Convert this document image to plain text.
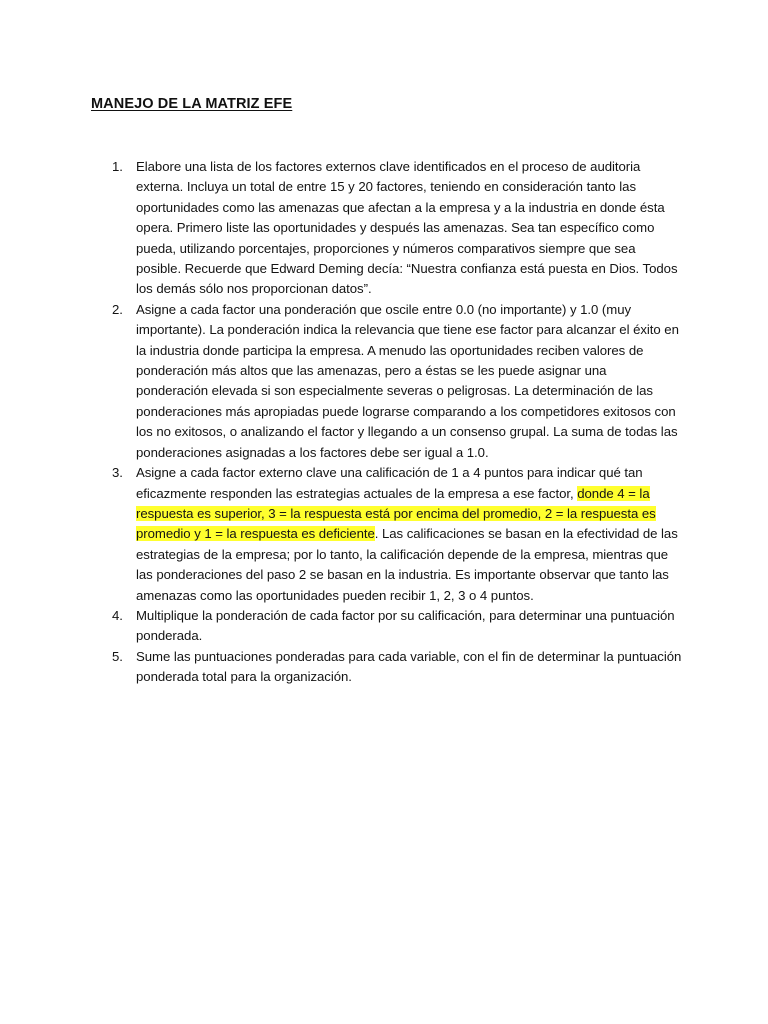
MANEJO DE LA MATRIZ EFE
1. Elabore una lista de los factores externos clave identificados en el proceso de auditoria externa. Incluya un total de entre 15 y 20 factores, teniendo en consideración tanto las oportunidades como las amenazas que afectan a la empresa y a la industria en donde ésta opera. Primero liste las oportunidades y después las amenazas. Sea tan específico como pueda, utilizando porcentajes, proporciones y números comparativos siempre que sea posible. Recuerde que Edward Deming decía: “Nuestra confianza está puesta en Dios. Todos los demás sólo nos proporcionan datos”.
2. Asigne a cada factor una ponderación que oscile entre 0.0 (no importante) y 1.0 (muy importante). La ponderación indica la relevancia que tiene ese factor para alcanzar el éxito en la industria donde participa la empresa. A menudo las oportunidades reciben valores de ponderación más altos que las amenazas, pero a éstas se les puede asignar una ponderación elevada si son especialmente severas o peligrosas. La determinación de las ponderaciones más apropiadas puede lograrse comparando a los competidores exitosos con los no exitosos, o analizando el factor y llegando a un consenso grupal. La suma de todas las ponderaciones asignadas a los factores debe ser igual a 1.0.
3. Asigne a cada factor externo clave una calificación de 1 a 4 puntos para indicar qué tan eficazmente responden las estrategias actuales de la empresa a ese factor, donde 4 = la respuesta es superior, 3 = la respuesta está por encima del promedio, 2 = la respuesta es promedio y 1 = la respuesta es deficiente. Las calificaciones se basan en la efectividad de las estrategias de la empresa; por lo tanto, la calificación depende de la empresa, mientras que las ponderaciones del paso 2 se basan en la industria. Es importante observar que tanto las amenazas como las oportunidades pueden recibir 1, 2, 3 o 4 puntos.
4. Multiplique la ponderación de cada factor por su calificación, para determinar una puntuación ponderada.
5. Sume las puntuaciones ponderadas para cada variable, con el fin de determinar la puntuación ponderada total para la organización.
